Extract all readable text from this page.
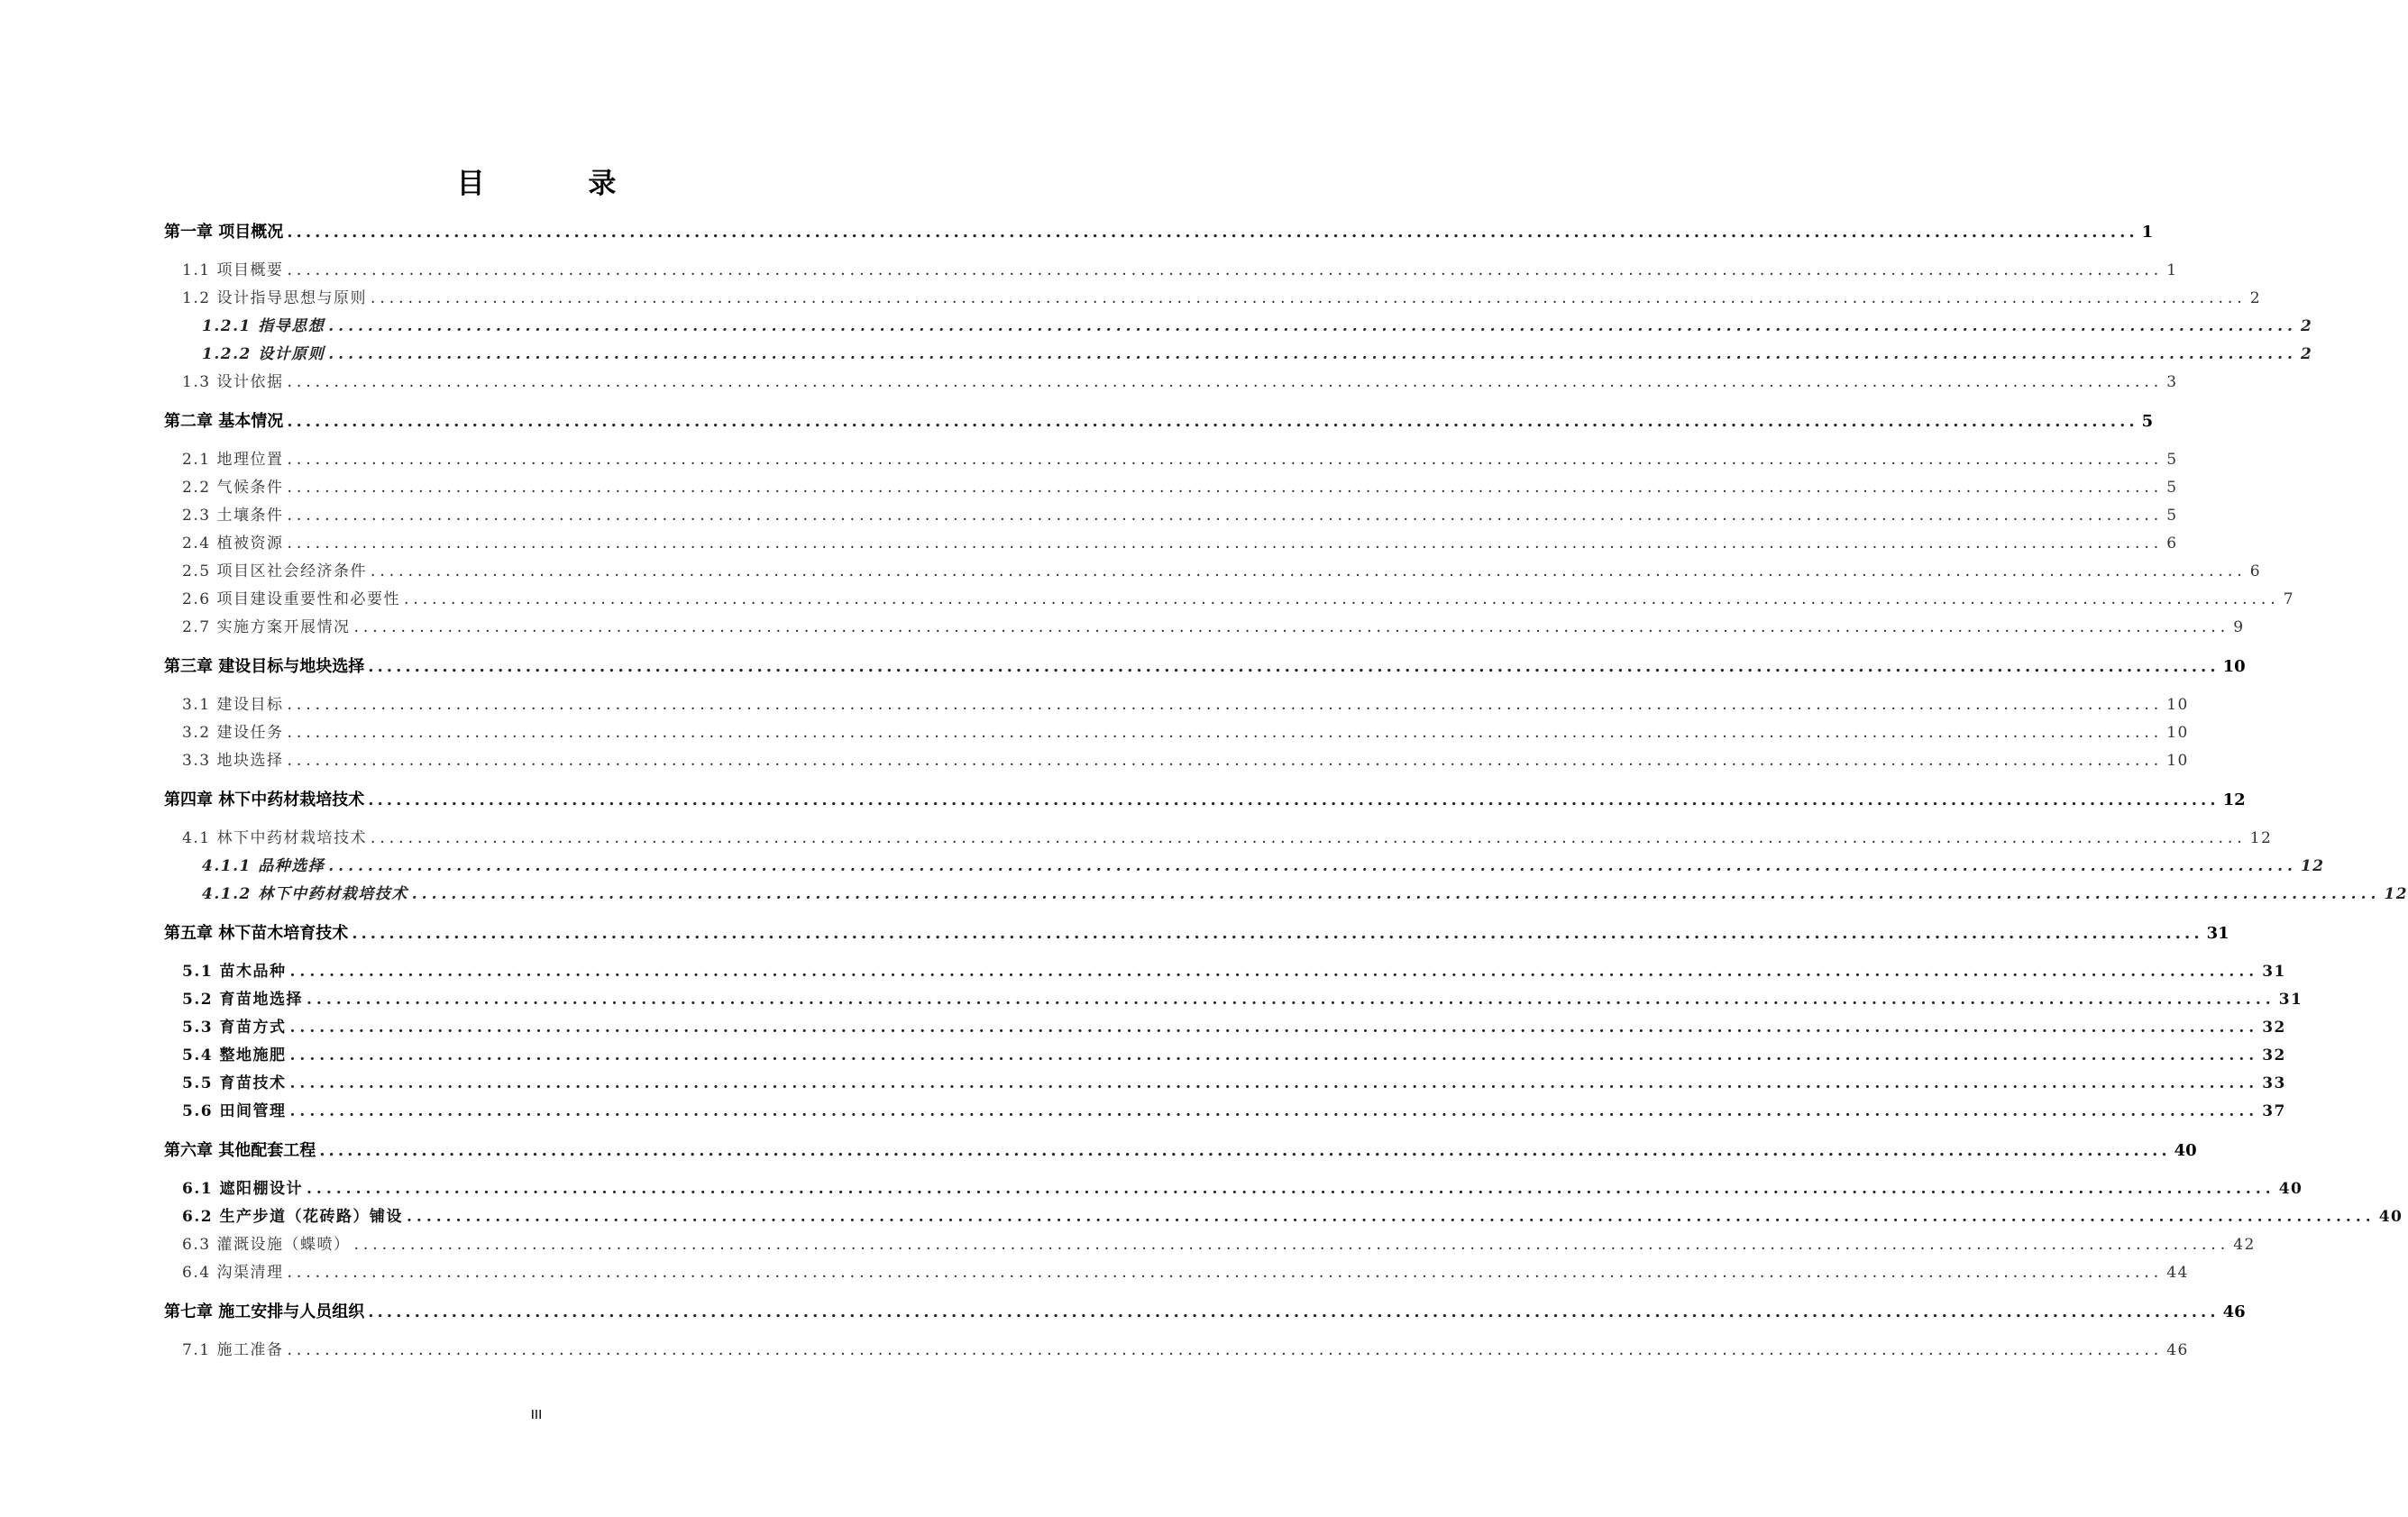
目 录
第一章 项目概况 ........................................................................................................................................................................................................ 1
1.1 项目概要 ........................................................................................................................................................................................................ 1
1.2 设计指导思想与原则 ........................................................................................................................................................................................................ 2
1.2.1 指导思想 ........................................................................................................................................................................................................ 2
1.2.2 设计原则 ........................................................................................................................................................................................................ 2
1.3 设计依据 ........................................................................................................................................................................................................ 3
第二章 基本情况 ........................................................................................................................................................................................................ 5
2.1 地理位置 ........................................................................................................................................................................................................ 5
2.2 气候条件 ........................................................................................................................................................................................................ 5
2.3 土壤条件 ........................................................................................................................................................................................................ 5
2.4 植被资源 ........................................................................................................................................................................................................ 6
2.5 项目区社会经济条件 ........................................................................................................................................................................................................ 6
2.6 项目建设重要性和必要性 ........................................................................................................................................................................................................ 7
2.7 实施方案开展情况 ........................................................................................................................................................................................................ 9
第三章 建设目标与地块选择 ........................................................................................................................................................................................................ 10
3.1 建设目标 ........................................................................................................................................................................................................ 10
3.2 建设任务 ........................................................................................................................................................................................................ 10
3.3 地块选择 ........................................................................................................................................................................................................ 10
第四章 林下中药材栽培技术 ........................................................................................................................................................................................................ 12
4.1 林下中药材栽培技术 ........................................................................................................................................................................................................ 12
4.1.1 品种选择 ........................................................................................................................................................................................................ 12
4.1.2 林下中药材栽培技术 ........................................................................................................................................................................................................ 12
第五章 林下苗木培育技术 ........................................................................................................................................................................................................ 31
5.1 苗木品种 ........................................................................................................................................................................................................ 31
5.2 育苗地选择 ........................................................................................................................................................................................................ 31
5.3 育苗方式 ........................................................................................................................................................................................................ 32
5.4 整地施肥 ........................................................................................................................................................................................................ 32
5.5 育苗技术 ........................................................................................................................................................................................................ 33
5.6 田间管理 ........................................................................................................................................................................................................ 37
第六章 其他配套工程 ........................................................................................................................................................................................................ 40
6.1 遮阳棚设计 ........................................................................................................................................................................................................ 40
6.2 生产步道（花砖路）铺设 ........................................................................................................................................................................................................ 40
6.3 灌溉设施（蝶喷） ........................................................................................................................................................................................................ 42
6.4 沟渠清理 ........................................................................................................................................................................................................ 44
第七章 施工安排与人员组织 ........................................................................................................................................................................................................ 46
7.1 施工准备 ........................................................................................................................................................................................................ 46
III
